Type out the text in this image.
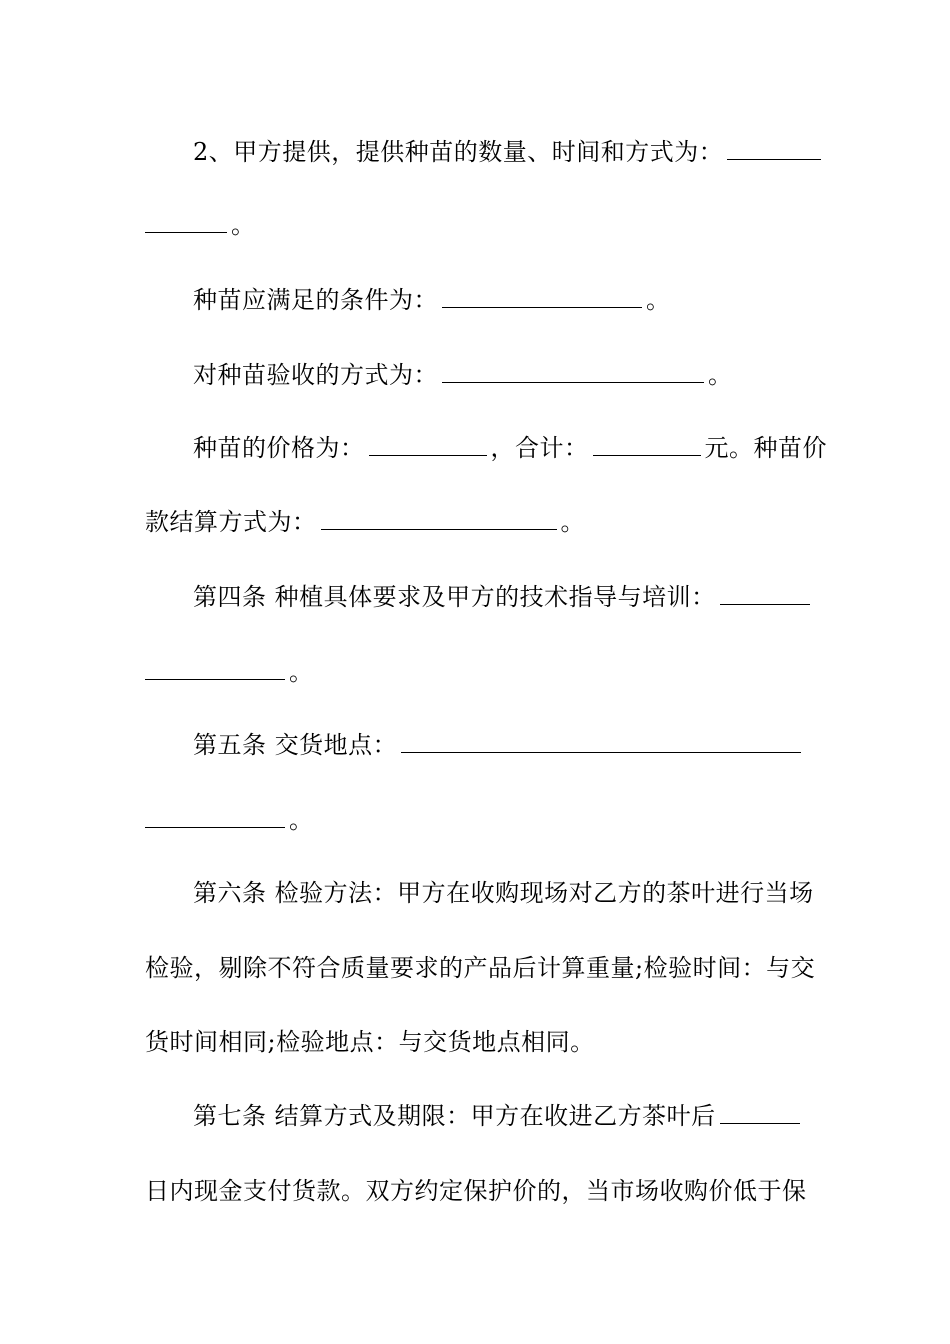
2、甲方提供，提供种苗的数量、时间和方式为：
。
种苗应满足的条件为：	。
对种苗验收的方式为：	。
种苗的价格为：	，合计：	元。种苗价
款结算方式为：	。
第四条 种植具体要求及甲方的技术指导与培训：
。
第五条 交货地点：
。
第六条 检验方法：甲方在收购现场对乙方的茶叶进行当场
检验，剔除不符合质量要求的产品后计算重量;检验时间：与交
货时间相同;检验地点：与交货地点相同。
第七条 结算方式及期限：甲方在收进乙方茶叶后
日内现金支付货款。双方约定保护价的，当市场收购价低于保
